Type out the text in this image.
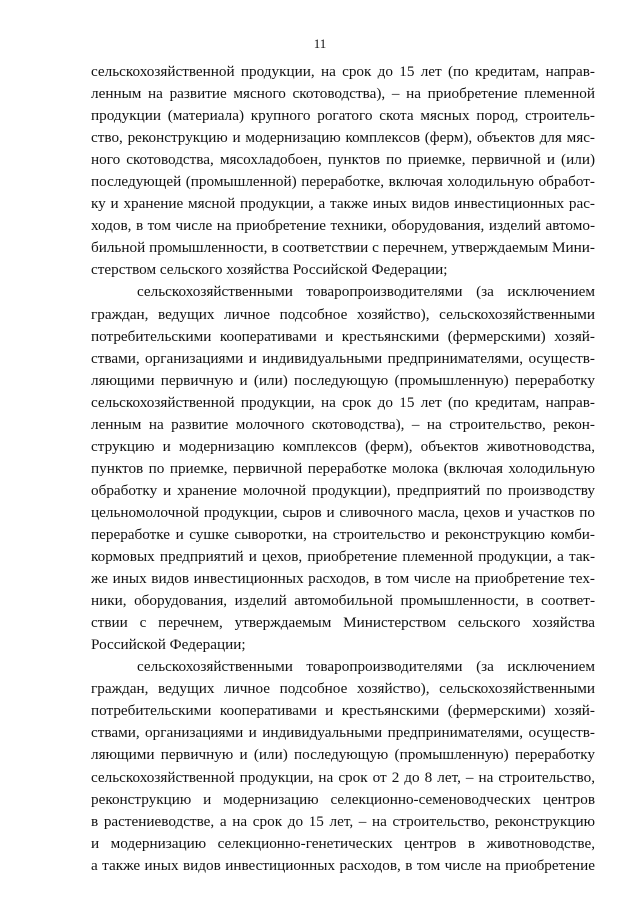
11
сельскохозяйственной продукции, на срок до 15 лет (по кредитам, направ-
ленным на развитие мясного скотоводства), – на приобретение племенной
продукции (материала) крупного рогатого скота мясных пород, строитель-
ство, реконструкцию и модернизацию комплексов (ферм), объектов для мяс-
ного скотоводства, мясохладобоен, пунктов по приемке, первичной и (или)
последующей (промышленной) переработке, включая холодильную обработ-
ку и хранение мясной продукции, а также иных видов инвестиционных рас-
ходов, в том числе на приобретение техники, оборудования, изделий автомо-
бильной промышленности, в соответствии с перечнем, утверждаемым Мини-
стерством сельского хозяйства Российской Федерации;
сельскохозяйственными товаропроизводителями (за исключением
граждан, ведущих личное подсобное хозяйство), сельскохозяйственными
потребительскими кооперативами и крестьянскими (фермерскими) хозяй-
ствами, организациями и индивидуальными предпринимателями, осуществ-
ляющими первичную и (или) последующую (промышленную) переработку
сельскохозяйственной продукции, на срок до 15 лет (по кредитам, направ-
ленным на развитие молочного скотоводства), – на строительство, рекон-
струкцию и модернизацию комплексов (ферм), объектов животноводства,
пунктов по приемке, первичной переработке молока (включая холодильную
обработку и хранение молочной продукции), предприятий по производству
цельномолочной продукции, сыров и сливочного масла, цехов и участков по
переработке и сушке сыворотки, на строительство и реконструкцию комби-
кормовых предприятий и цехов, приобретение племенной продукции, а так-
же иных видов инвестиционных расходов, в том числе на приобретение тех-
ники, оборудования, изделий автомобильной промышленности, в соответ-
ствии с перечнем, утверждаемым Министерством сельского хозяйства
Российской Федерации;
сельскохозяйственными товаропроизводителями (за исключением
граждан, ведущих личное подсобное хозяйство), сельскохозяйственными
потребительскими кооперативами и крестьянскими (фермерскими) хозяй-
ствами, организациями и индивидуальными предпринимателями, осуществ-
ляющими первичную и (или) последующую (промышленную) переработку
сельскохозяйственной продукции, на срок от 2 до 8 лет, – на строительство,
реконструкцию и модернизацию селекционно-семеноводческих центров
в растениеводстве, а на срок до 15 лет, – на строительство, реконструкцию
и модернизацию селекционно-генетических центров в животноводстве,
а также иных видов инвестиционных расходов, в том числе на приобретение
